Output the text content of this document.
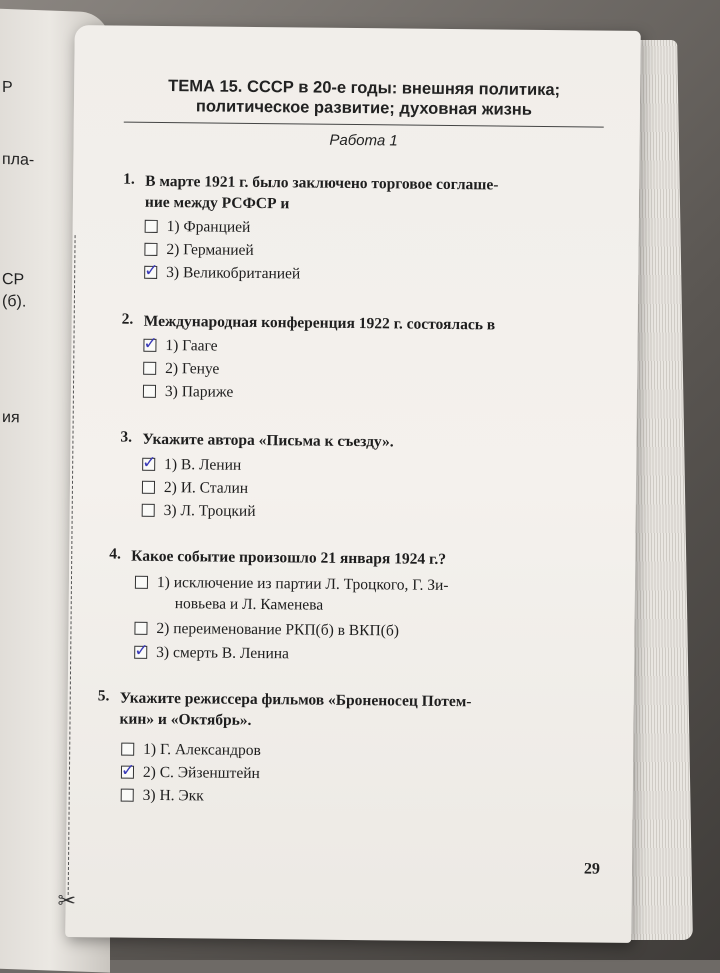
Р
пла-
СР
(б).
ия
✂
ТЕМА 15. СССР в 20-е годы: внешняя политика;
политическое развитие; духовная жизнь
Работа 1
1. В марте 1921 г. было заключено торговое соглаше-
ние между РСФСР и
1) Францией
2) Германией
✓ 3) Великобританией
2. Международная конференция 1922 г. состоялась в
✓ 1) Гааге
2) Генуе
3) Париже
3. Укажите автора «Письма к съезду».
✓ 1) В. Ленин
2) И. Сталин
3) Л. Троцкий
4. Какое событие произошло 21 января 1924 г.?
1) исключение из партии Л. Троцкого, Г. Зи-
новьева и Л. Каменева
2) переименование РКП(б) в ВКП(б)
✓ 3) смерть В. Ленина
5. Укажите режиссера фильмов «Броненосец Потем-
кин» и «Октябрь».
1) Г. Александров
✓ 2) С. Эйзенштейн
3) Н. Экк
29
